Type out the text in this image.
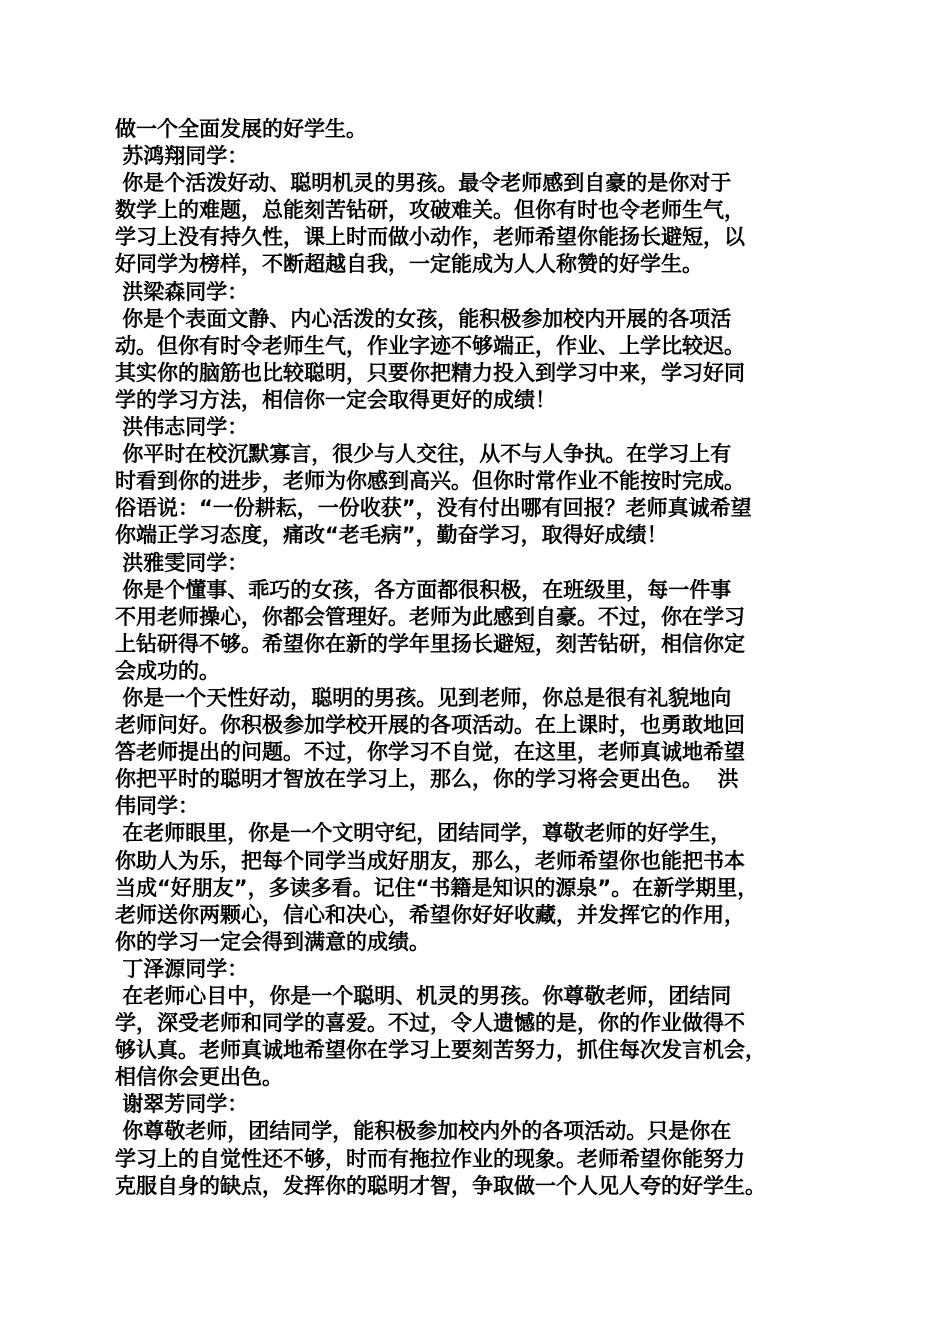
做一个全面发展的好学生。
苏鸿翔同学：
你是个活泼好动、聪明机灵的男孩。最令老师感到自豪的是你对于
数学上的难题，总能刻苦钻研，攻破难关。但你有时也令老师生气，
学习上没有持久性，课上时而做小动作，老师希望你能扬长避短，以
好同学为榜样，不断超越自我，一定能成为人人称赞的好学生。
洪梁森同学：
你是个表面文静、内心活泼的女孩，能积极参加校内开展的各项活
动。但你有时令老师生气，作业字迹不够端正，作业、上学比较迟。
其实你的脑筋也比较聪明，只要你把精力投入到学习中来，学习好同
学的学习方法，相信你一定会取得更好的成绩！
洪伟志同学：
你平时在校沉默寡言，很少与人交往，从不与人争执。在学习上有
时看到你的进步，老师为你感到高兴。但你时常作业不能按时完成。
俗语说：“一份耕耘，一份收获”，没有付出哪有回报？老师真诚希望
你端正学习态度，痛改“老毛病”，勤奋学习，取得好成绩！
洪雅雯同学：
你是个懂事、乖巧的女孩，各方面都很积极，在班级里，每一件事
不用老师操心，你都会管理好。老师为此感到自豪。不过，你在学习
上钻研得不够。希望你在新的学年里扬长避短，刻苦钻研，相信你定
会成功的。
你是一个天性好动，聪明的男孩。见到老师，你总是很有礼貌地向
老师问好。你积极参加学校开展的各项活动。在上课时，也勇敢地回
答老师提出的问题。不过，你学习不自觉，在这里，老师真诚地希望
你把平时的聪明才智放在学习上，那么，你的学习将会更出色。  洪
伟同学：
在老师眼里，你是一个文明守纪，团结同学，尊敬老师的好学生，
你助人为乐，把每个同学当成好朋友，那么，老师希望你也能把书本
当成“好朋友”，多读多看。记住“书籍是知识的源泉”。在新学期里，
老师送你两颗心，信心和决心，希望你好好收藏，并发挥它的作用，
你的学习一定会得到满意的成绩。
丁泽源同学：
在老师心目中，你是一个聪明、机灵的男孩。你尊敬老师，团结同
学，深受老师和同学的喜爱。不过，令人遗憾的是，你的作业做得不
够认真。老师真诚地希望你在学习上要刻苦努力，抓住每次发言机会，
相信你会更出色。
谢翠芳同学：
你尊敬老师，团结同学，能积极参加校内外的各项活动。只是你在
学习上的自觉性还不够，时而有拖拉作业的现象。老师希望你能努力
克服自身的缺点，发挥你的聪明才智，争取做一个人见人夸的好学生。
